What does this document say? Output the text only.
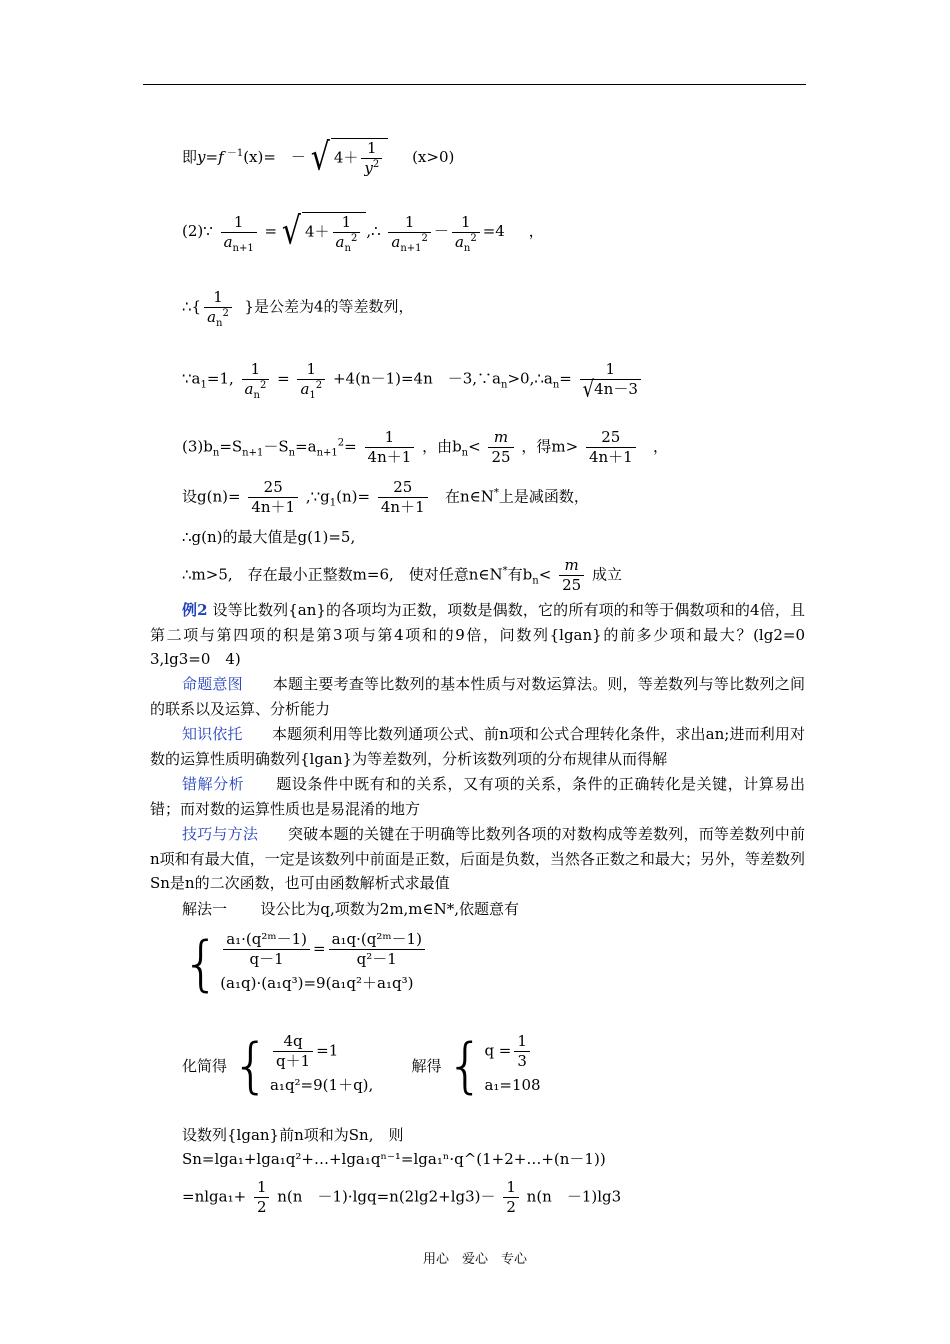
即y=f $^{-1}$(x)=　－ √ $4+ \frac{1}{y^2} (x>0)$
(2)∵ $\frac{1}{a_{n+1}}$ = √ $4+ \frac{1}{a_n^2}$ ,∴ $\frac{1}{a_{n+1}^2} - \frac{1}{a_n^2} =4$ ，
∴{ $\frac{1}{a_n^2}$ }是公差为4的等差数列，
$\because a_1=1$, $\frac{1}{a_n^2} = \frac{1}{a_1^2} +4(n-1)=4n$　$-3,\because a_n>0,\therefore a_n= \frac{1}{√4n-3}$
$(3)b_n=S_{n+1}-S_n=a_{n+1}^2= \frac{1}{4n+1}$ ，由$b_n< \frac{m}{25}$ ，得$m> \frac{25}{4n+1}$ ，
设$g(n)= \frac{25}{4n+1}$ $,\because g_1(n)= \frac{25}{4n+1}$ 在n∈N*上是减函数，
∴g(n)的最大值是g(1)=5,
∴m>5,　存在最小正整数m=6,　使对任意n∈N*有$b_n< \frac{m}{25}$ 成立
例2 设等比数列{an}的各项均为正数，项数是偶数，它的所有项的和等于偶数项和的4倍，且第二项与第四项的积是第3项与第4项和的9倍，问数列{lgan}的前多少项和最大？(lg2=0　3,lg3=0　4)
命题意图 本题主要考查等比数列的基本性质与对数运算法。则，等差数列与等比数列之间的联系以及运算、分析能力
知识依托 本题须利用等比数列通项公式、前n项和公式合理转化条件，求出an;进而利用对数的运算性质明确数列{lgan}为等差数列，分析该数列项的分布规律从而得解
错解分析 题设条件中既有和的关系，又有项的关系，条件的正确转化是关键，计算易出错；而对数的运算性质也是易混淆的地方
技巧与方法 突破本题的关键在于明确等比数列各项的对数构成等差数列，而等差数列中前n项和有最大值，一定是该数列中前面是正数，后面是负数，当然各正数之和最大；另外，等差数列Sn是n的二次函数，也可由函数解析式求最值
解法一 设公比为q,项数为2m,m∈N*,依题意有
{ $\frac{\text{a₁·(q²ᵐ－1)}}{q-1} = \frac{\text{a₁q·(q²ᵐ－1)}}{\text{q²－1}}$
(a₁q)·(a₁q³)=9(a₁q²＋a₁q³)
化简得 { $\frac{4q}{q+1} =1$
a₁q²=9(1＋q),
解得 { $q = \frac{1}{3}$
a₁=108
设数列{lgan}前n项和为Sn,　则
Sn=lga₁+lga₁q²+…+lga₁qⁿ⁻¹=lga₁ⁿ·q^(1+2+…+(n－1))
$=nlga_1+ \frac{1}{2} n(n$　$-1)\cdot\lg q=n(2\lg 2+\lg 3)- \frac{1}{2} n(n$　－1)lg3
用心　爱心　专心
